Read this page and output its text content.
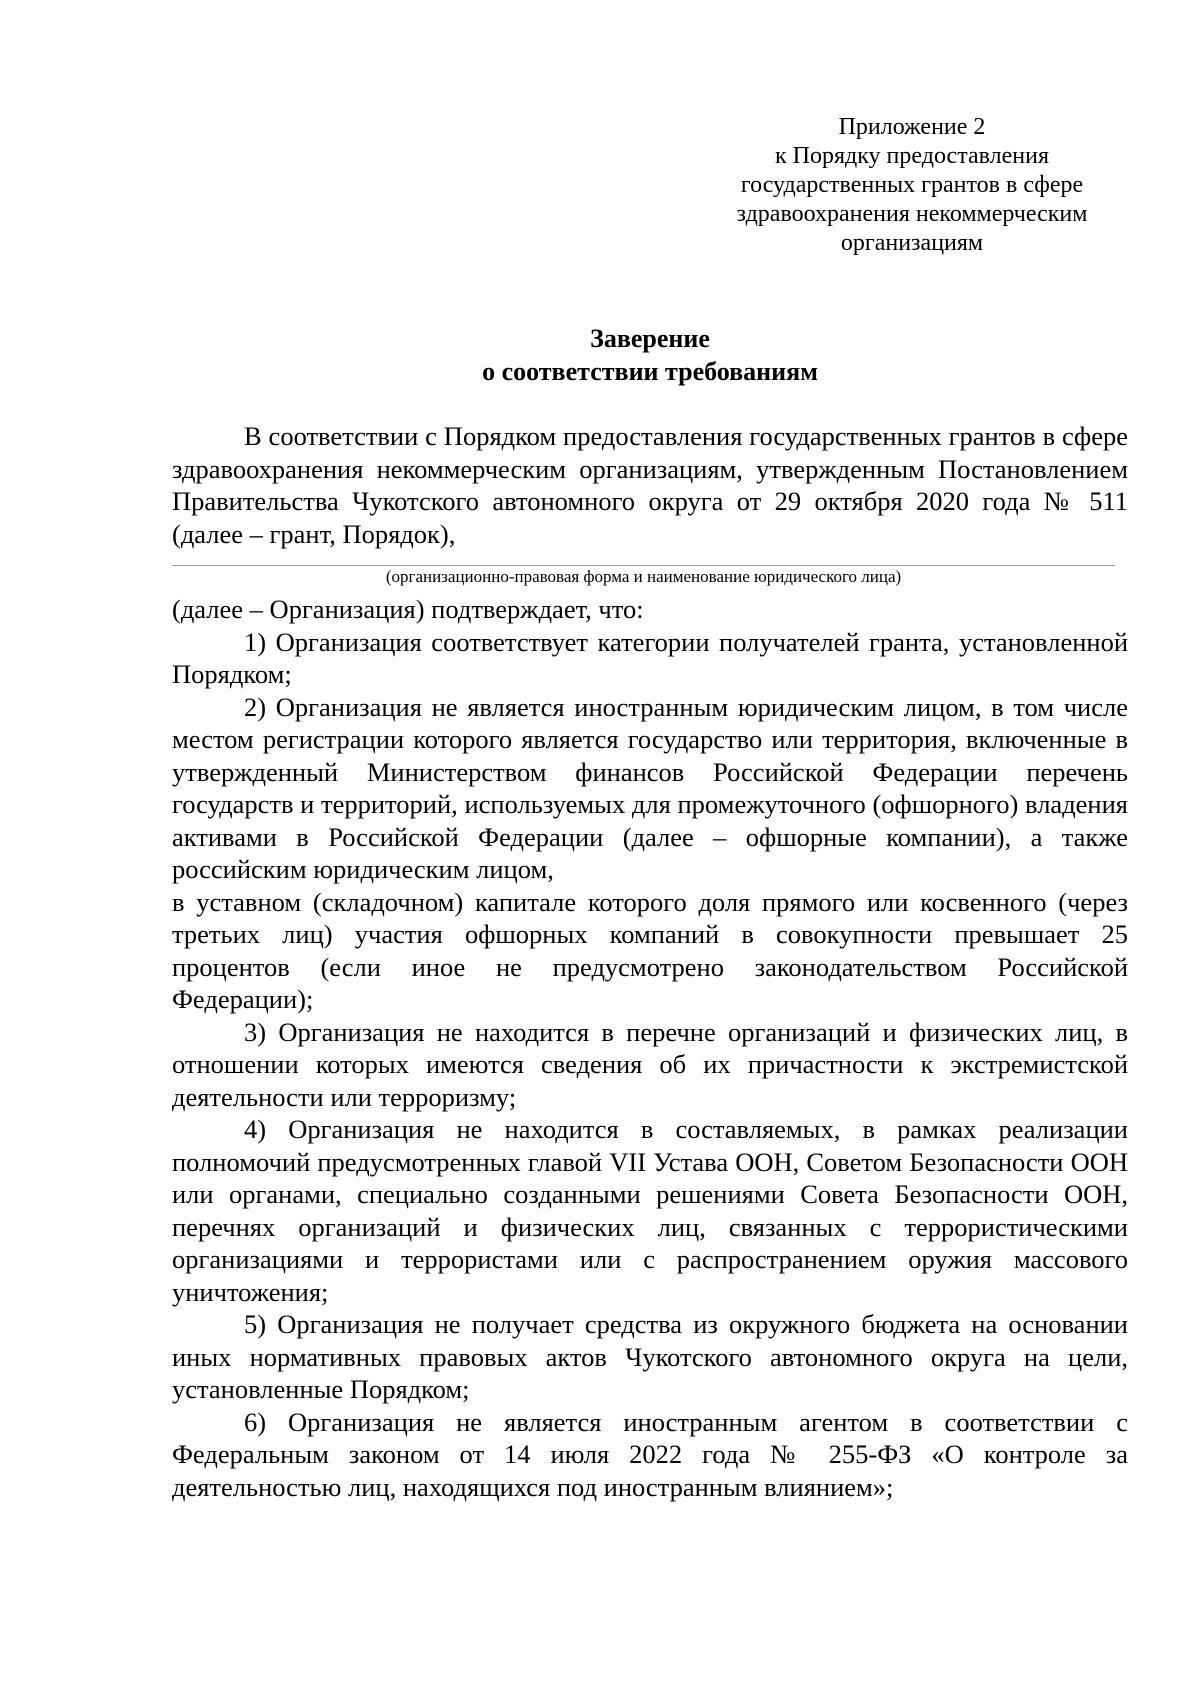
Приложение 2
к Порядку предоставления
государственных грантов в сфере
здравоохранения некоммерческим
организациям
Заверение
о соответствии требованиям

В соответствии с Порядком предоставления государственных грантов в сфере здравоохранения некоммерческим организациям, утвержденным Постановлением Правительства Чукотского автономного округа от 29 октября 2020 года № 511 (далее – грант, Порядок),

(организационно-правовая форма и наименование юридического лица)

(далее – Организация) подтверждает, что:

1) Организация соответствует категории получателей гранта, установленной Порядком;

2) Организация не является иностранным юридическим лицом, в том числе местом регистрации которого является государство или территория, включенные в утвержденный Министерством финансов Российской Федерации перечень государств и территорий, используемых для промежуточного (офшорного) владения активами в Российской Федерации (далее – офшорные компании), а также российским юридическим лицом,

в уставном (складочном) капитале которого доля прямого или косвенного (через третьих лиц) участия офшорных компаний в совокупности превышает 25 процентов (если иное не предусмотрено законодательством Российской Федерации);

3) Организация не находится в перечне организаций и физических лиц, в отношении которых имеются сведения об их причастности к экстремистской деятельности или терроризму;

4) Организация не находится в составляемых, в рамках реализации полномочий предусмотренных главой VII Устава ООН, Советом Безопасности ООН или органами, специально созданными решениями Совета Безопасности ООН, перечнях организаций и физических лиц, связанных с террористическими организациями и террористами или с распространением оружия массового уничтожения;

5) Организация не получает средства из окружного бюджета на основании иных нормативных правовых актов Чукотского автономного округа на цели, установленные Порядком;

6) Организация не является иностранным агентом в соответствии с Федеральным законом от 14 июля 2022 года № 255-ФЗ «О контроле за деятельностью лиц, находящихся под иностранным влиянием»;
